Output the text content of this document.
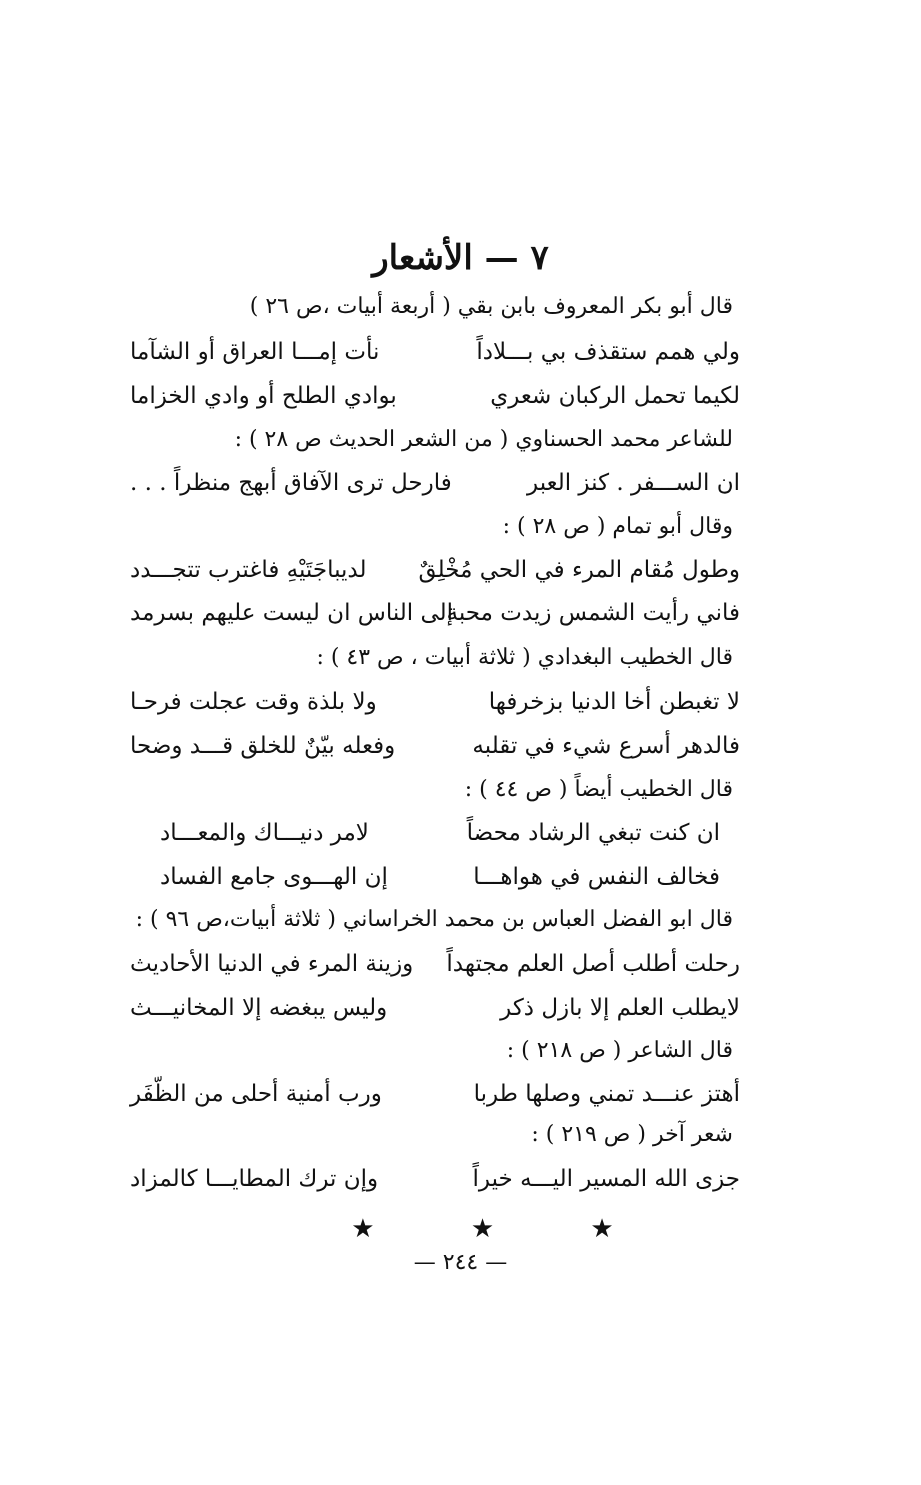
٧ — الأشعار
قال أبو بكر المعروف بابن بقي ( أربعة أبيات ،ص ٢٦ )
ولي همم ستقذف بي بـــلاداً
نأت إمـــا العراق أو الشآما
لكيما تحمل الركبان شعري
بوادي الطلح أو وادي الخزاما
للشاعر محمد الحسناوي ( من الشعر الحديث ص ٢٨ ) :
ان الســـفر . كنز العبر
فارحل ترى الآفاق أبهج منظراً . . .
وقال أبو تمام ( ص ٢٨ ) :
وطول مُقام المرء في الحي مُخْلِقٌ
لديباجَتَيْهِ فاغترب تتجـــدد
فاني رأيت الشمس زيدت محبة
إلى الناس ان ليست عليهم بسرمد
قال الخطيب البغدادي ( ثلاثة أبيات ، ص ٤٣ ) :
لا تغبطن أخا الدنيا بزخرفها
ولا بلذة وقت عجلت فرحـا
فالدهر أسرع شيء في تقلبه
وفعله بيّنٌ للخلق قـــد وضحا
قال الخطيب أيضاً ( ص ٤٤ ) :
ان كنت تبغي الرشاد محضاً
لامر دنيـــاك والمعـــاد
فخالف النفس في هواهـــا
إن الهـــوى جامع الفساد
قال ابو الفضل العباس بن محمد الخراساني ( ثلاثة أبيات،ص ٩٦ ) :
رحلت أطلب أصل العلم مجتهداً
وزينة المرء في الدنيا الأحاديث
لايطلب العلم إلا بازل ذكر
وليس يبغضه إلا المخانيـــث
قال الشاعر ( ص ٢١٨ ) :
أهتز عنـــد تمني وصلها طربا
ورب أمنية أحلى من الظّفَر
شعر آخر ( ص ٢١٩ ) :
جزى الله المسير اليـــه خيراً
وإن ترك المطايـــا كالمزاد
★ ★ ★
— ٢٤٤ —
